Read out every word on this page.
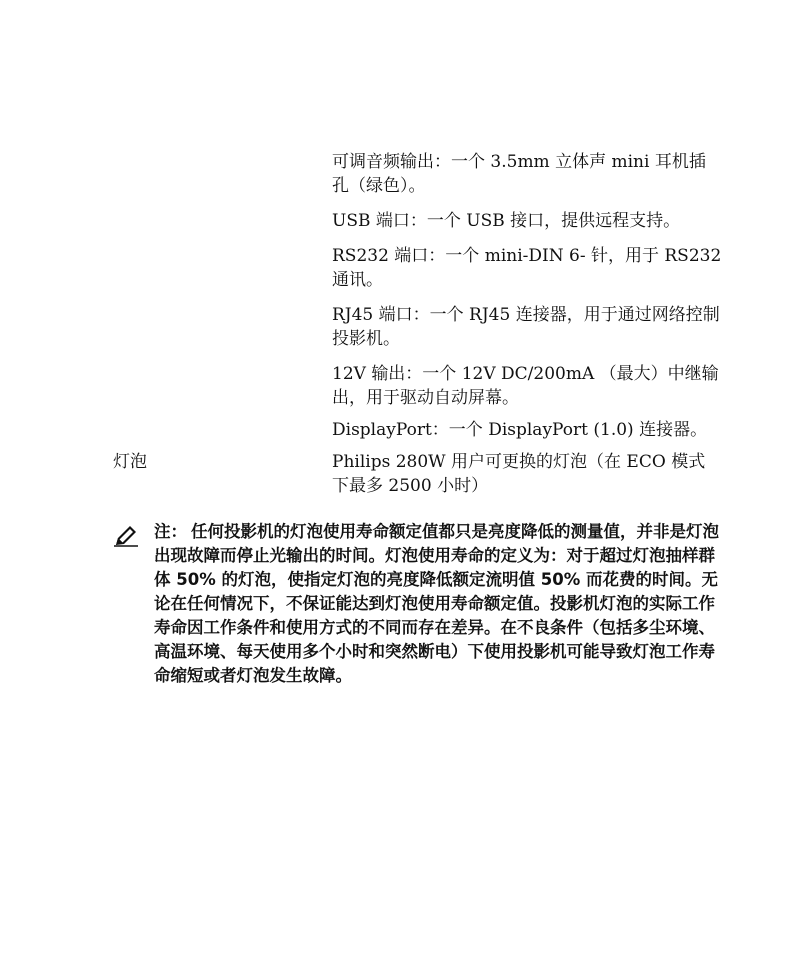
可调音频输出：一个 3.5mm 立体声 mini 耳机插孔（绿色）。

USB 端口：一个 USB 接口，提供远程支持。

RS232 端口：一个 mini-DIN 6- 针，用于 RS232 通讯。

RJ45 端口：一个 RJ45 连接器，用于通过网络控制投影机。

12V 输出：一个 12V DC/200mA （最大）中继输出，用于驱动自动屏幕。

DisplayPort：一个 DisplayPort (1.0) 连接器。

灯泡	Philips 280W 用户可更换的灯泡（在 ECO 模式下最多 2500 小时）

注： 任何投影机的灯泡使用寿命额定值都只是亮度降低的测量值，并非是灯泡出现故障而停止光输出的时间。灯泡使用寿命的定义为：对于超过灯泡抽样群体 50% 的灯泡，使指定灯泡的亮度降低额定流明值 50% 而花费的时间。无论在任何情况下，不保证能达到灯泡使用寿命额定值。投影机灯泡的实际工作寿命因工作条件和使用方式的不同而存在差异。在不良条件（包括多尘环境、高温环境、每天使用多个小时和突然断电）下使用投影机可能导致灯泡工作寿命缩短或者灯泡发生故障。
